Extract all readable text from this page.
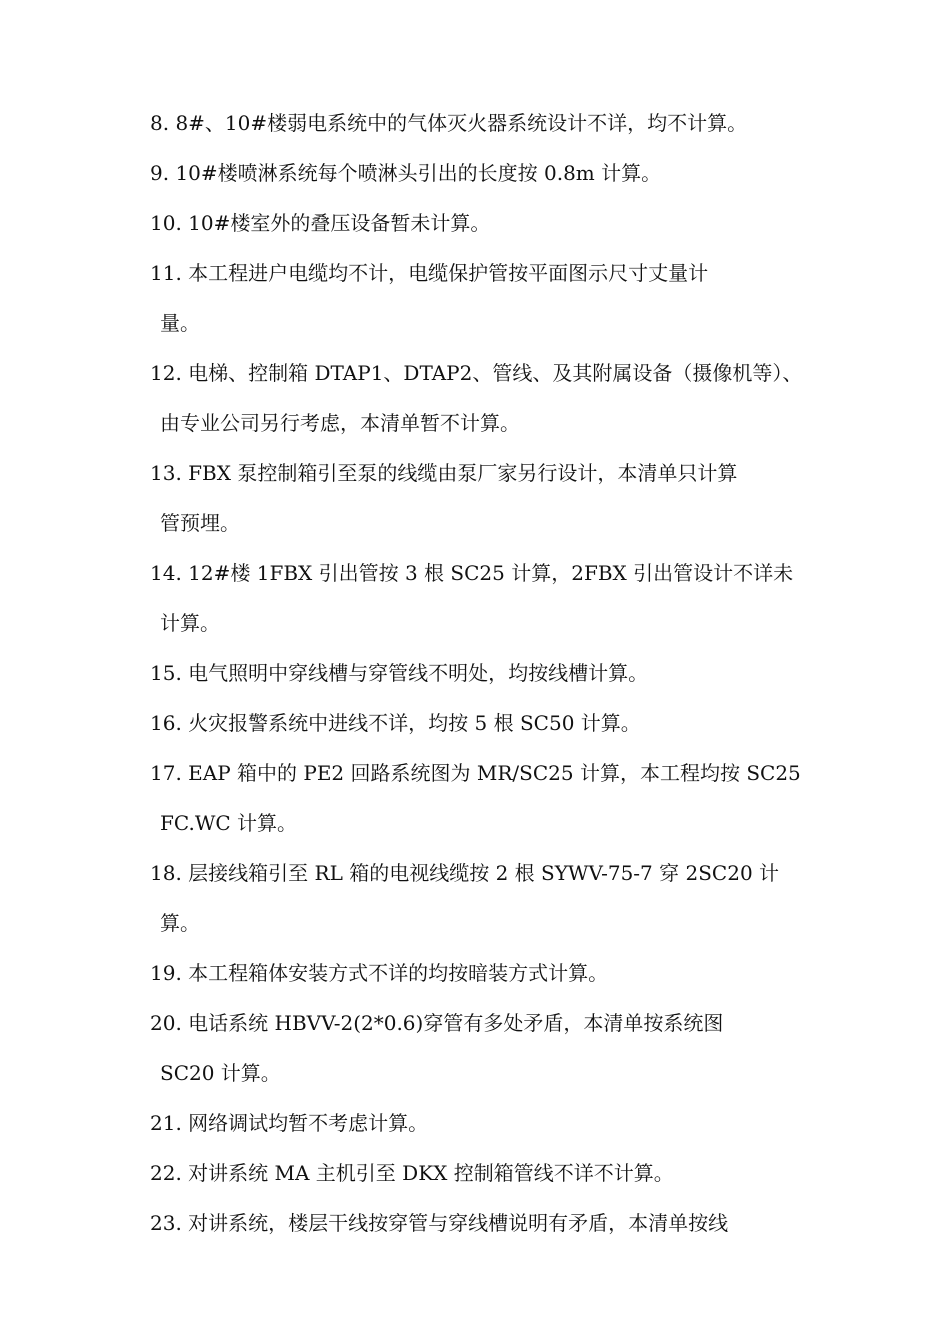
8. 8#、10#楼弱电系统中的气体灭火器系统设计不详，均不计算。
9. 10#楼喷淋系统每个喷淋头引出的长度按 0.8m 计算。
10. 10#楼室外的叠压设备暂未计算。
11. 本工程进户电缆均不计，电缆保护管按平面图示尺寸丈量计
量。
12. 电梯、控制箱 DTAP1、DTAP2、管线、及其附属设备（摄像机等）、
由专业公司另行考虑，本清单暂不计算。
13. FBX 泵控制箱引至泵的线缆由泵厂家另行设计，本清单只计算
管预埋。
14. 12#楼 1FBX 引出管按 3 根 SC25 计算，2FBX 引出管设计不详未
计算。
15. 电气照明中穿线槽与穿管线不明处，均按线槽计算。
16. 火灾报警系统中进线不详，均按 5 根 SC50 计算。
17. EAP 箱中的 PE2 回路系统图为 MR/SC25 计算，本工程均按 SC25
FC.WC 计算。
18. 层接线箱引至 RL 箱的电视线缆按 2 根 SYWV-75-7 穿 2SC20 计
算。
19. 本工程箱体安装方式不详的均按暗装方式计算。
20. 电话系统 HBVV-2(2*0.6)穿管有多处矛盾，本清单按系统图
SC20 计算。
21. 网络调试均暂不考虑计算。
22. 对讲系统 MA 主机引至 DKX 控制箱管线不详不计算。
23. 对讲系统，楼层干线按穿管与穿线槽说明有矛盾，本清单按线
